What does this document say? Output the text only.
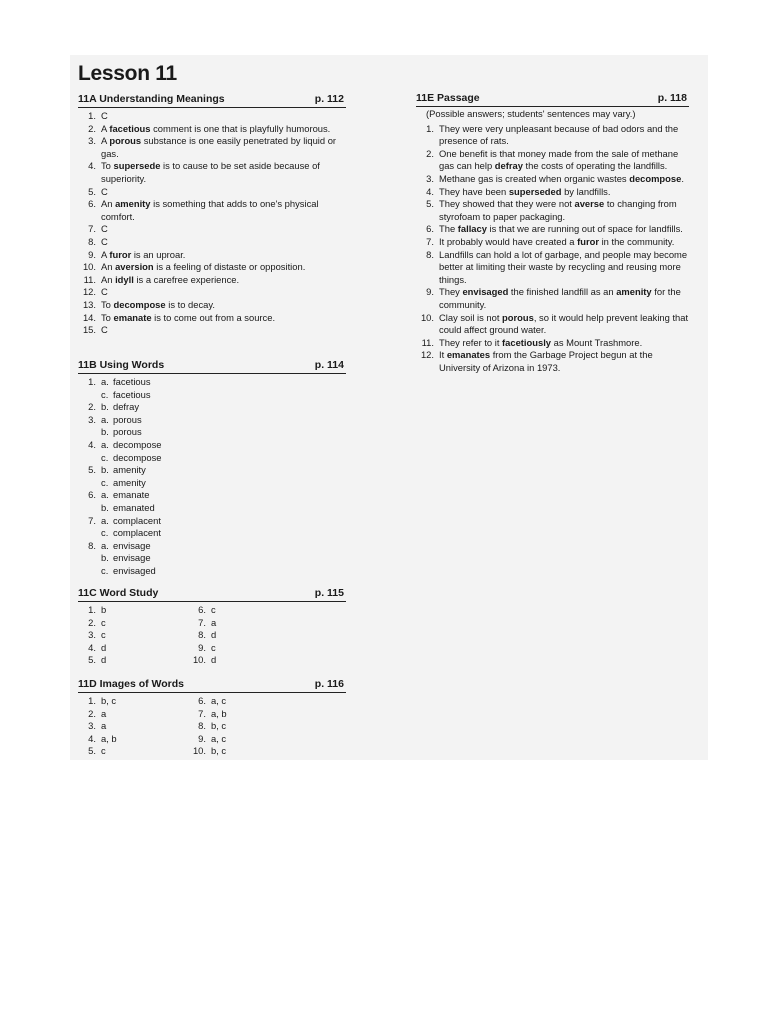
Lesson 11
11A Understanding Meanings	p. 112
1. C
2. A facetious comment is one that is playfully humorous.
3. A porous substance is one easily penetrated by liquid or gas.
4. To supersede is to cause to be set aside because of superiority.
5. C
6. An amenity is something that adds to one's physical comfort.
7. C
8. C
9. A furor is an uproar.
10. An aversion is a feeling of distaste or opposition.
11. An idyll is a carefree experience.
12. C
13. To decompose is to decay.
14. To emanate is to come out from a source.
15. C
11B Using Words	p. 114
1. a. facetious
c. facetious
2. b. defray
3. a. porous
b. porous
4. a. decompose
c. decompose
5. b. amenity
c. amenity
6. a. emanate
b. emanated
7. a. complacent
c. complacent
8. a. envisage
b. envisage
c. envisaged
11C Word Study	p. 115
1. b	6. c
2. c	7. a
3. c	8. d
4. d	9. c
5. d	10. d
11D Images of Words	p. 116
1. b, c	6. a, c
2. a	7. a, b
3. a	8. b, c
4. a, b	9. a, c
5. c	10. b, c
11E Passage	p. 118
(Possible answers; students' sentences may vary.)
1. They were very unpleasant because of bad odors and the presence of rats.
2. One benefit is that money made from the sale of methane gas can help defray the costs of operating the landfills.
3. Methane gas is created when organic wastes decompose.
4. They have been superseded by landfills.
5. They showed that they were not averse to changing from styrofoam to paper packaging.
6. The fallacy is that we are running out of space for landfills.
7. It probably would have created a furor in the community.
8. Landfills can hold a lot of garbage, and people may become better at limiting their waste by recycling and reusing more things.
9. They envisaged the finished landfill as an amenity for the community.
10. Clay soil is not porous, so it would help prevent leaking that could affect ground water.
11. They refer to it facetiously as Mount Trashmore.
12. It emanates from the Garbage Project begun at the University of Arizona in 1973.
